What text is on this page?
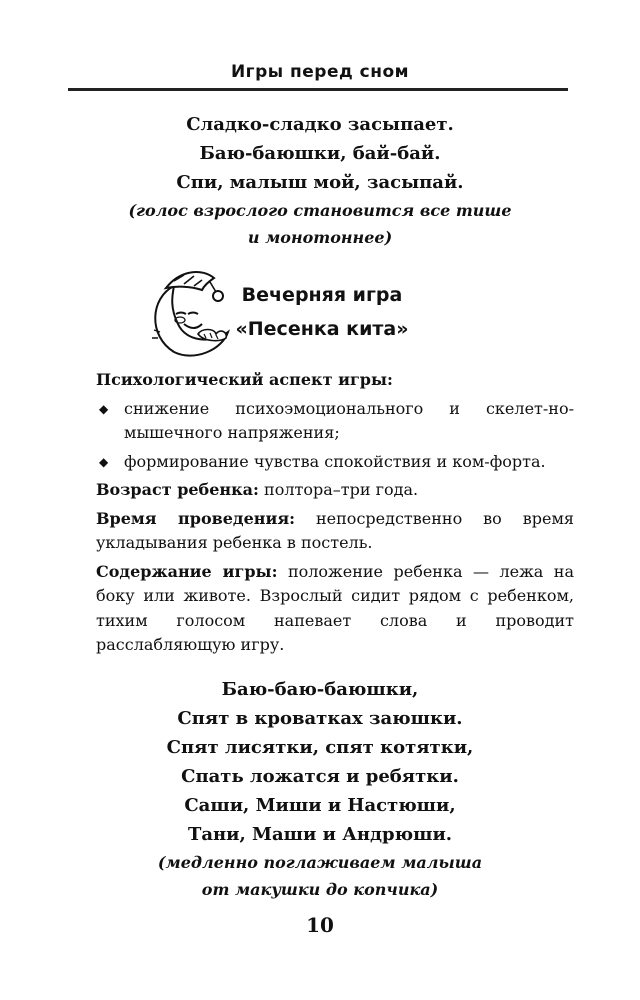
Игры перед сном
Сладко-сладко засыпает.
Баю-баюшки, бай-бай.
Спи, малыш мой, засыпай.
(голос взрослого становится все тише
и монотоннее)
Вечерняя игра
«Песенка кита»

Психологический аспект игры:

◆ снижение психоэмоционального и скелет-но-мышечного напряжения;

◆ формирование чувства спокойствия и ком-форта.

Возраст ребенка: полтора–три года.

Время проведения: непосредственно во время укладывания ребенка в постель.

Содержание игры: положение ребенка — лежа на боку или животе. Взрослый сидит рядом с ребенком, тихим голосом напевает слова и проводит расслабляющую игру.

Баю-баю-баюшки,
Спят в кроватках заюшки.
Спят лисятки, спят котятки,
Спать ложатся и ребятки.
Саши, Миши и Настюши,
Тани, Маши и Андрюши.
(медленно поглаживаем малыша
от макушки до копчика)
10
